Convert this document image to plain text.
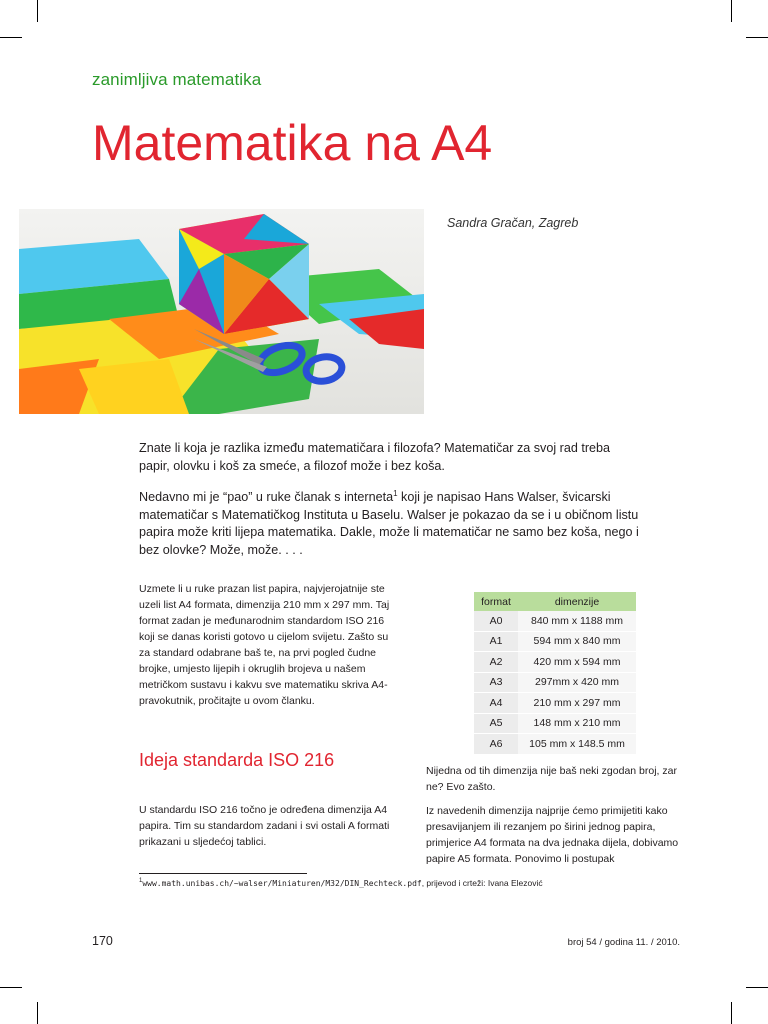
zanimljiva matematika
Matematika na A4
Sandra Gračan, Zagreb

Znate li koja je razlika između matematičara i filozofa? Matematičar za svoj rad treba papir, olovku i koš za smeće, a filozof može i bez koša.

Nedavno mi je “pao” u ruke članak s interneta$^1$ koji je napisao Hans Walser, švicarski matematičar s Matematičkog Instituta u Baselu. Walser je pokazao da se i u običnom listu papira može kriti lijepa matematika. Dakle, može li matematičar ne samo bez koša, nego i bez olovke? Može, može. . . .

Uzmete li u ruke prazan list papira, najvjerojatnije ste uzeli list A4 formata, dimenzija 210 mm x 297 mm. Taj format zadan je međunarodnim standardom ISO 216 koji se danas koristi gotovo u cijelom svijetu. Zašto su za standard odabrane baš te, na prvi pogled čudne brojke, umjesto lijepih i okruglih brojeva u našem metričkom sustavu i kakvu sve matematiku skriva A4-pravokutnik, pročitajte u ovom članku.

Ideja standarda ISO 216

U standardu ISO 216 točno je određena dimenzija A4 papira. Tim su standardom zadani i svi ostali A formati prikazani u sljedećoj tablici.

format	dimenzije
A0	840 mm x 1188 mm
A1	594 mm x 840 mm
A2	420 mm x 594 mm
A3	297mm x 420 mm
A4	210 mm x 297 mm
A5	148 mm x 210 mm
A6	105 mm x 148.5 mm

Nijedna od tih dimenzija nije baš neki zgodan broj, zar ne? Evo zašto.

Iz navedenih dimenzija najprije ćemo primijetiti kako presavijanjem ili rezanjem po širini jednog papira, primjerice A4 formata na dva jednaka dijela, dobivamo papire A5 formata. Ponovimo li postupak

$^1$www.math.unibas.ch/~walser/Miniaturen/M32/DIN_Rechteck.pdf, prijevod i crteži: Ivana Elezović
170	broj 54 / godina 11. / 2010.
